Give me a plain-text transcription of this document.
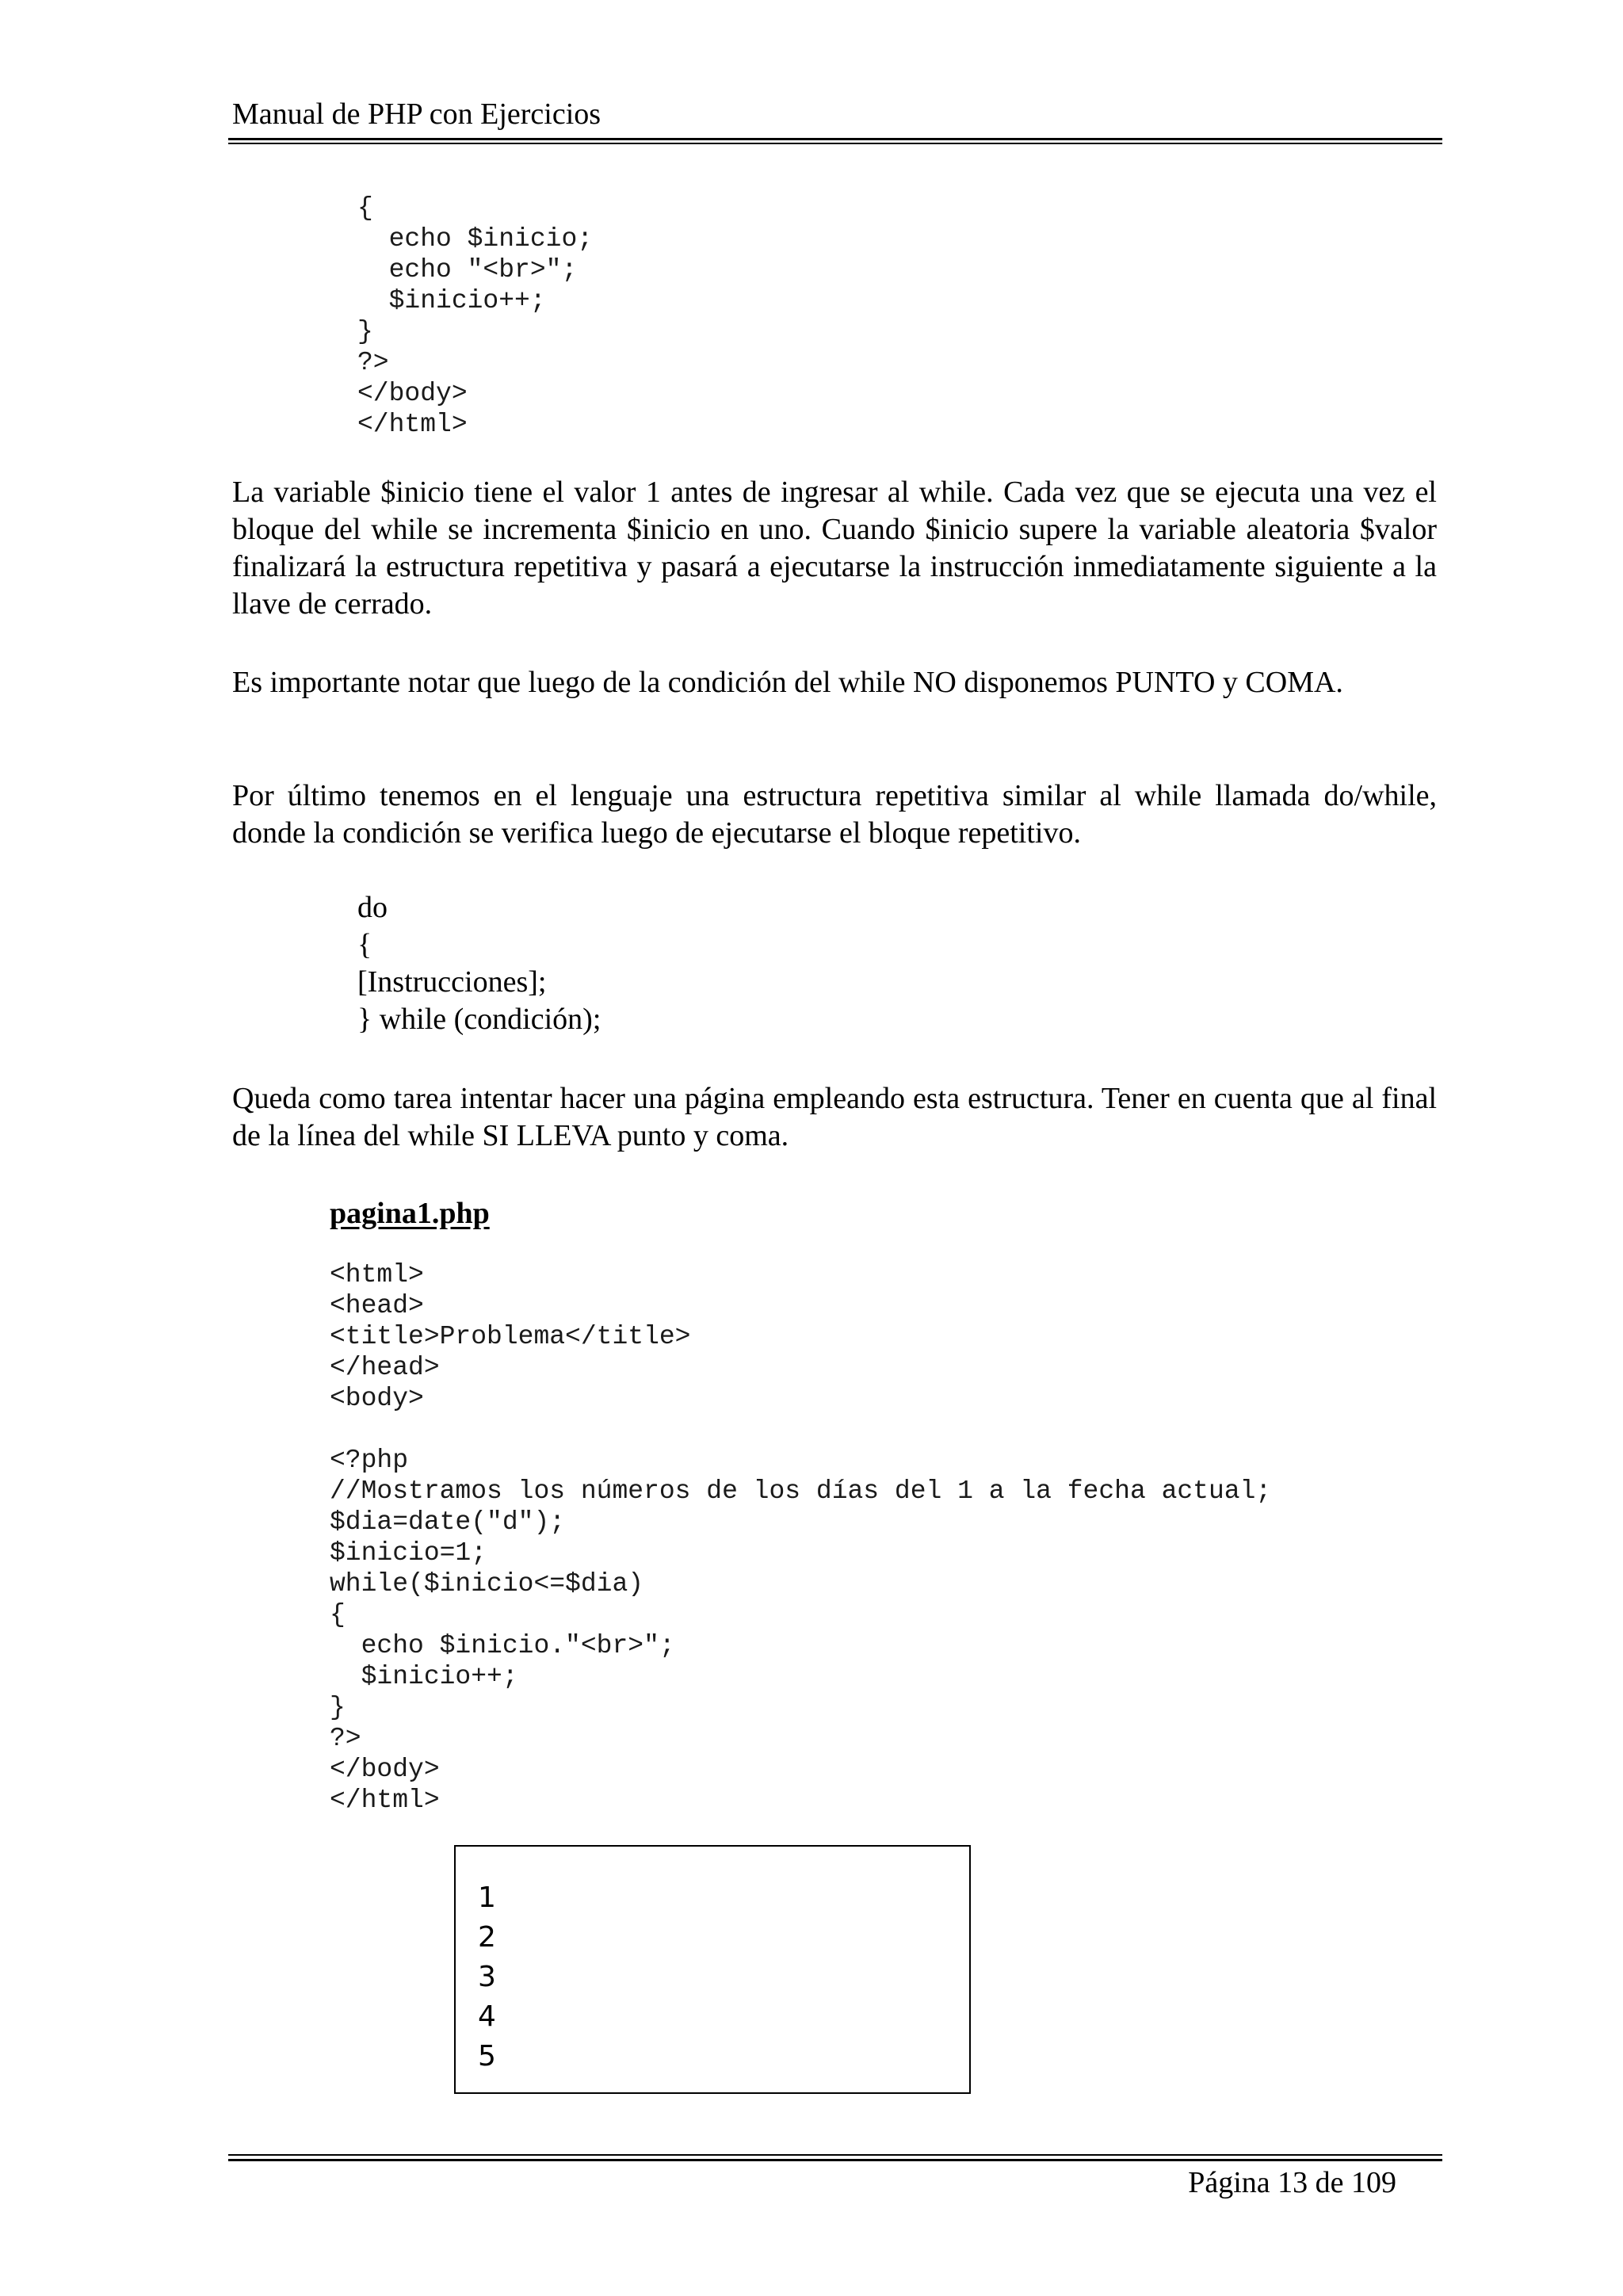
Manual de PHP con Ejercicios
{
echo $inicio;
echo "<br>";
$inicio++;
}
?>
</body>
</html>

La variable $inicio tiene el valor 1 antes de ingresar al while. Cada vez que se ejecuta una vez el bloque del while se incrementa $inicio en uno. Cuando $inicio supere la variable aleatoria $valor finalizará la estructura repetitiva y pasará a ejecutarse la instrucción inmediatamente siguiente a la llave de cerrado.

Es importante notar que luego de la condición del while NO disponemos PUNTO y COMA.

Por último tenemos en el lenguaje una estructura repetitiva similar al while llamada do/while, donde la condición se verifica luego de ejecutarse el bloque repetitivo.

do
{
[Instrucciones];
} while (condición);

Queda como tarea intentar hacer una página empleando esta estructura. Tener en cuenta que al final de la línea del while SI LLEVA punto y coma.

pagina1.php
<html>
<head>
<title>Problema</title>
</head>
<body>
<?php
//Mostramos los números de los días del 1 a la fecha actual;
$dia=date("d");
$inicio=1;
while($inicio<=$dia)
{
echo $inicio."<br>";
$inicio++;
}
?>
</body>
</html>
1
2
3
4
5
Página 13 de 109
